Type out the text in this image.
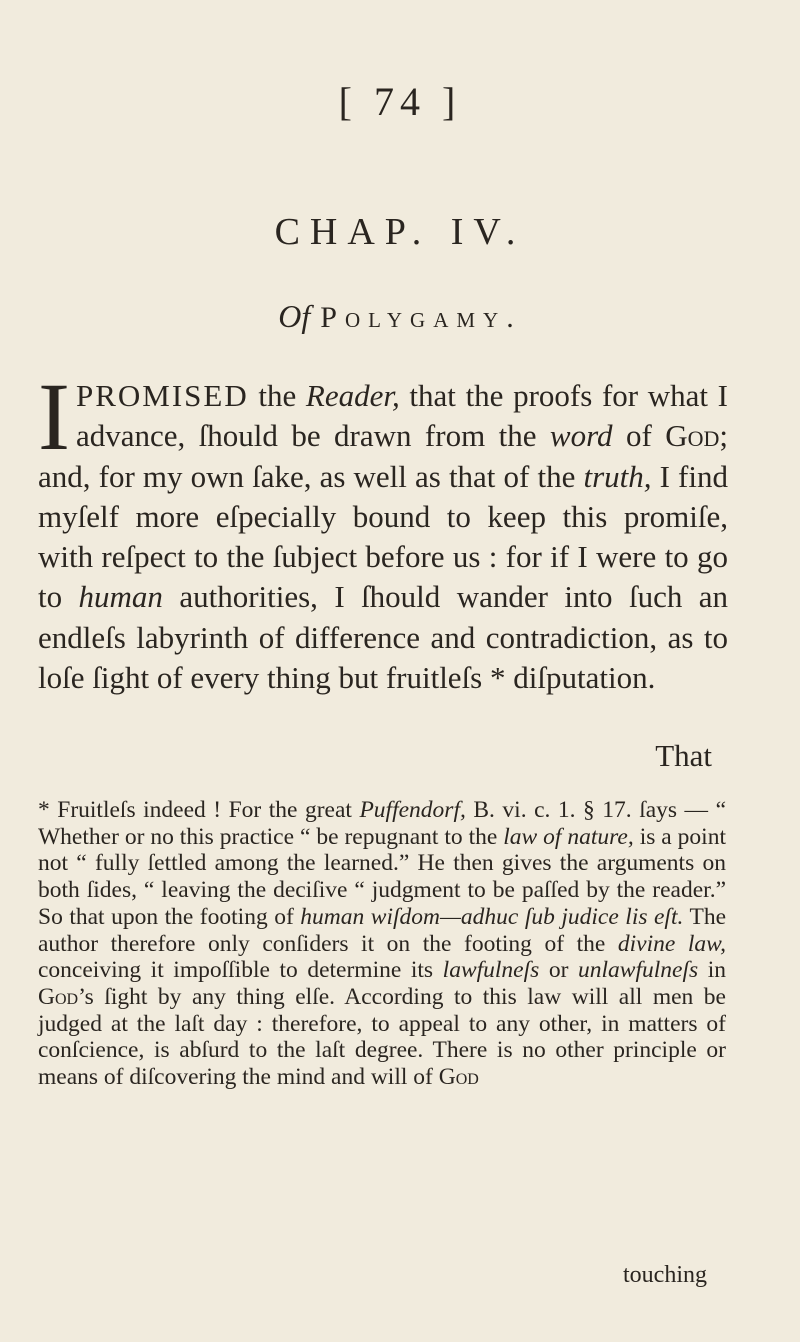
[ 74 ]
CHAP. IV.
Of Polygamy.

IPROMISED the Reader, that the proofs for what I advance, ſhould be drawn from the word of God; and, for my own ſake, as well as that of the truth, I find myſelf more eſpecially bound to keep this promiſe, with reſpect to the ſubject before us : for if I were to go to human authorities, I ſhould wander into ſuch an endleſs labyrinth of difference and contradiction, as to loſe ſight of every thing but fruitleſs * diſputation.

That

* Fruitleſs indeed ! For the great Puffendorf, B. vi. c. 1. § 17. ſays — “ Whether or no this practice “ be repugnant to the law of nature, is a point not “ fully ſettled among the learned.” He then gives the arguments on both ſides, “ leaving the deciſive “ judgment to be paſſed by the reader.” So that upon the footing of human wiſdom—adhuc ſub judice lis eſt. The author therefore only conſiders it on the footing of the divine law, conceiving it impoſſible to determine its lawfulneſs or unlawfulneſs in God’s ſight by any thing elſe. According to this law will all men be judged at the laſt day : therefore, to appeal to any other, in matters of conſcience, is abſurd to the laſt degree. There is no other principle or means of diſcovering the mind and will of God

touching
